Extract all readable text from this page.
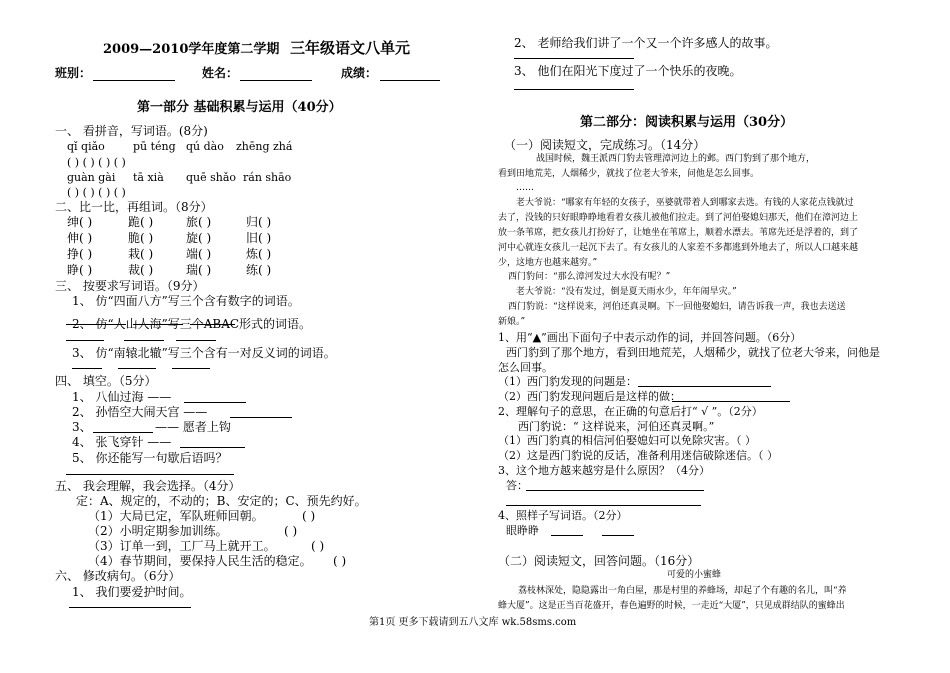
2009—2010学年度第二学期 三年级语文八单元
班别：	姓名：	成绩：
第一部分 基础积累与运用（40分）
一、 看拼音，写词语。(8分)
qǐ qiǎo	pū téng qú dào zhēng zhá
( ) ( ) ( ) ( )
guàn gài tā xià quē shǎo rán shāo
( ) ( ) ( ) ( )
二、比一比，再组词。（8分）
绅( )	跪( )	旅( )	归( )
伸( )	脆( )	旋( )	旧( )
挣( )	栽( )	端( )	炼( )
睁( )	裁( )	瑞( )	练( )
三、 按要求写词语。（9分）
1、 仿“四面八方”写三个含有数字的词语。
2、 仿“人山人海”写三个ABAC形式的词语。
3、 仿“南辕北辙”写三个含有一对反义词的词语。
四、 填空。（5分）
1、 八仙过海 ——
2、 孙悟空大闹天宫 ——
3、	—— 愿者上钩
4、 张飞穿针 ——
5、 你还能写一句歇后语吗？
五、 我会理解，我会选择。（4分）
定：A、规定的，不动的；B、安定的；C、预先约好。
（1）大局已定，军队班师回朝。	( )
（2）小明定期参加训练。	( )
（3）订单一到，工厂马上就开工。	( )
（4）春节期间，要保持人民生活的稳定。 ( )
六、 修改病句。（6分）
1、 我们要爱护时间。
2、 老师给我们讲了一个又一个许多感人的故事。
3、 他们在阳光下度过了一个快乐的夜晚。
第二部分：阅读积累与运用（30分）
（一）阅读短文，完成练习。（14分）
战国时候，魏王派西门豹去管理漳河边上的邺。西门豹到了那个地方，
看到田地荒芜，人烟稀少，就找了位老大爷来，问他是怎么回事。
……
老大爷说：“哪家有年轻的女孩子，巫婆就带着人到哪家去选。有钱的人家花点钱就过
去了，没钱的只好眼睁睁地看着女孩儿被他们拉走。到了河伯娶媳妇那天，他们在漳河边上
放一条苇席，把女孩儿打扮好了，让她坐在苇席上，顺着水漂去。苇席先还是浮着的，到了
河中心就连女孩儿一起沉下去了。有女孩儿的人家差不多都逃到外地去了，所以人口越来越
少，这地方也越来越穷。”
西门豹问：“那么漳河发过大水没有呢？”
老大爷说：“没有发过，倒是夏天雨水少，年年闹旱灾。”
西门豹说：“这样说来，河伯还真灵啊。下一回他娶媳妇，请告诉我一声，我也去送送
新娘。”
1、用“▲”画出下面句子中表示动作的词，并回答问题。（6分）
西门豹到了那个地方，看到田地荒芜，人烟稀少，就找了位老大爷来，问他是
怎么回事。
（1）西门豹发现的问题是：
（2）西门豹发现问题后是这样的做：
2、理解句子的意思，在正确的句意后打“ √ ”。（2分）
西门豹说：“ 这样说来，河伯还真灵啊。”
（1）西门豹真的相信河伯娶媳妇可以免除灾害。（ ）
（2）这是西门豹说的反话，准备利用迷信破除迷信。（ ）
3、这个地方越来越穷是什么原因？（4分）
答：
4、照样子写词语。（2分）
眼睁睁
（二）阅读短文，回答问题。（16分）
可爱的小蜜蜂
荔枝林深处，隐隐露出一角白屋，那是村里的养蜂场，却起了个有趣的名儿，叫“养
蜂大厦”。这是正当百花盛开，春色遍野的时候，一走近“大厦”，只见成群结队的蜜蜂出
第1页 更多下载请到五八文库 wk.58sms.com
